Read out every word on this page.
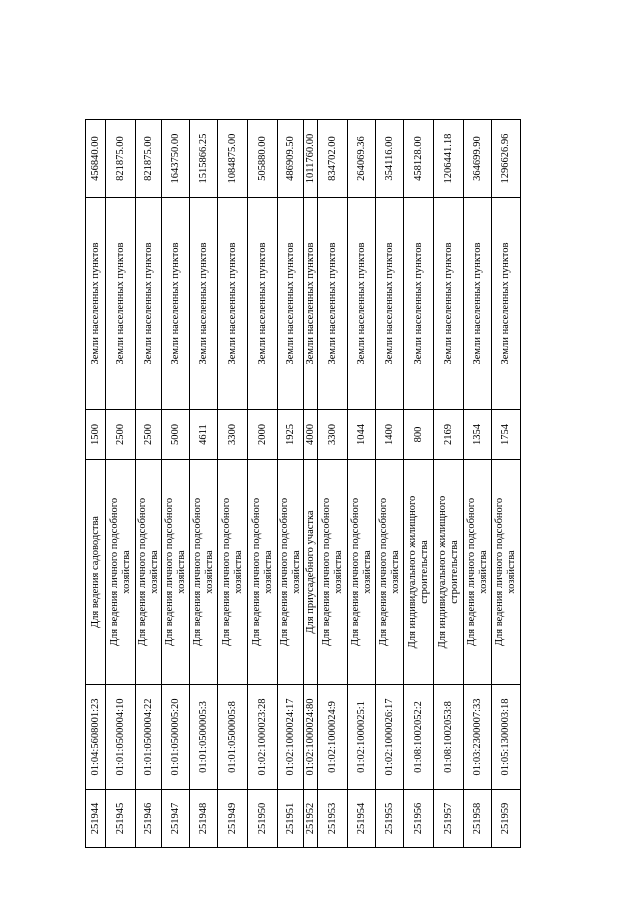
251944	01:04:5608001:23	Для ведения садоводства	1500	Земли населенных пунктов	456840.00
251945	01:01:0500004:10	Для ведения личного подсобного хозяйства	2500	Земли населенных пунктов	821875.00
251946	01:01:0500004:22	Для ведения личного подсобного хозяйства	2500	Земли населенных пунктов	821875.00
251947	01:01:0500005:20	Для ведения личного подсобного хозяйства	5000	Земли населенных пунктов	1643750.00
251948	01:01:0500005:3	Для ведения личного подсобного хозяйства	4611	Земли населенных пунктов	1515866.25
251949	01:01:0500005:8	Для ведения личного подсобного хозяйства	3300	Земли населенных пунктов	1084875.00
251950	01:02:1000023:28	Для ведения личного подсобного хозяйства	2000	Земли населенных пунктов	505880.00
251951	01:02:1000024:17	Для ведения личного подсобного хозяйства	1925	Земли населенных пунктов	486909.50
251952	01:02:1000024:80	Для приусадебного участка	4000	Земли населенных пунктов	1011760.00
251953	01:02:1000024:9	Для ведения личного подсобного хозяйства	3300	Земли населенных пунктов	834702.00
251954	01:02:1000025:1	Для ведения личного подсобного хозяйства	1044	Земли населенных пунктов	264069.36
251955	01:02:1000026:17	Для ведения личного подсобного хозяйства	1400	Земли населенных пунктов	354116.00
251956	01:08:1002052:2	Для индивидуального жилищного строительства	800	Земли населенных пунктов	458128.00
251957	01:08:1002053:8	Для индивидуального жилищного строительства	2169	Земли населенных пунктов	1206441.18
251958	01:03:2300007:33	Для ведения личного подсобного хозяйства	1354	Земли населенных пунктов	364699.90
251959	01:05:1300003:18	Для ведения личного подсобного хозяйства	1754	Земли населенных пунктов	1296626.96
